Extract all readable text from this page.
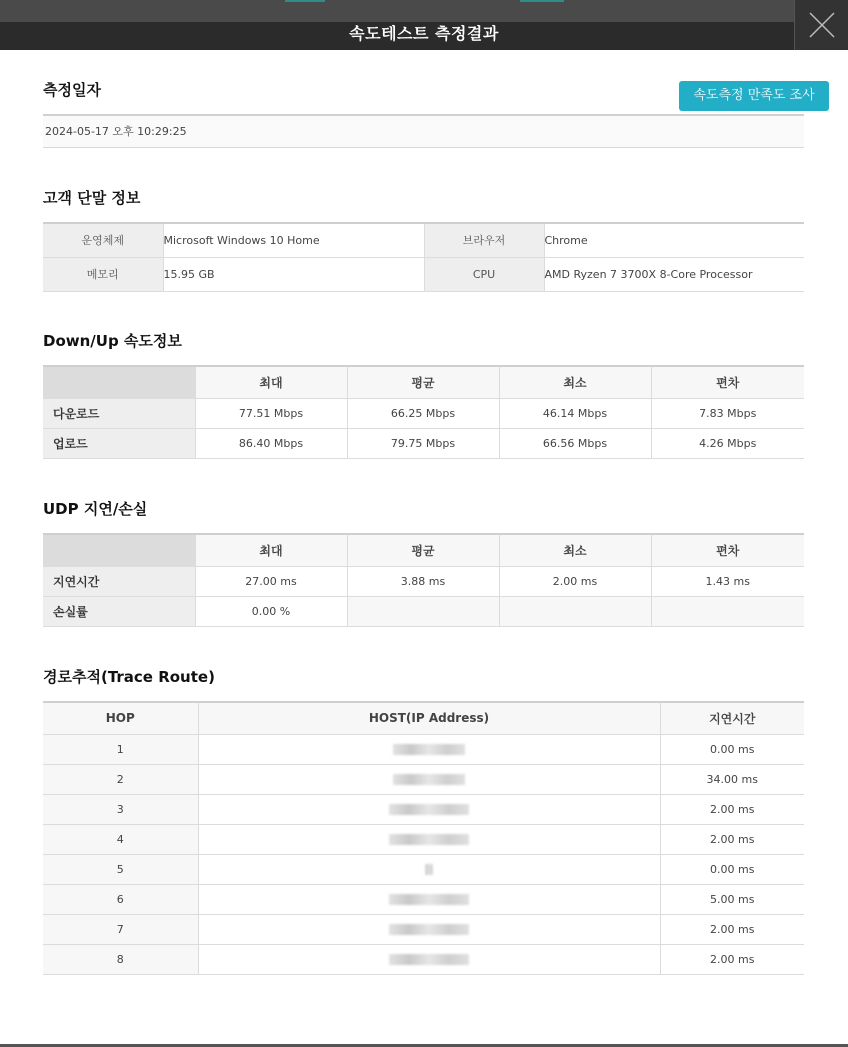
속도테스트 측정결과
측정일자	속도측정 만족도 조사
2024-05-17 오후 10:29:25
고객 단말 정보
운영체제	Microsoft Windows 10 Home	브라우저	Chrome
메모리	15.95 GB	CPU	AMD Ryzen 7 3700X 8-Core Processor
Down/Up 속도정보
	최대	평균	최소	편차
다운로드	77.51 Mbps	66.25 Mbps	46.14 Mbps	7.83 Mbps
업로드	86.40 Mbps	79.75 Mbps	66.56 Mbps	4.26 Mbps
UDP 지연/손실
	최대	평균	최소	편차
지연시간	27.00 ms	3.88 ms	2.00 ms	1.43 ms
손실률	0.00 %			
경로추적(Trace Route)
HOP	HOST(IP Address)	지연시간
1		0.00 ms
2		34.00 ms
3		2.00 ms
4		2.00 ms
5		0.00 ms
6		5.00 ms
7		2.00 ms
8		2.00 ms
